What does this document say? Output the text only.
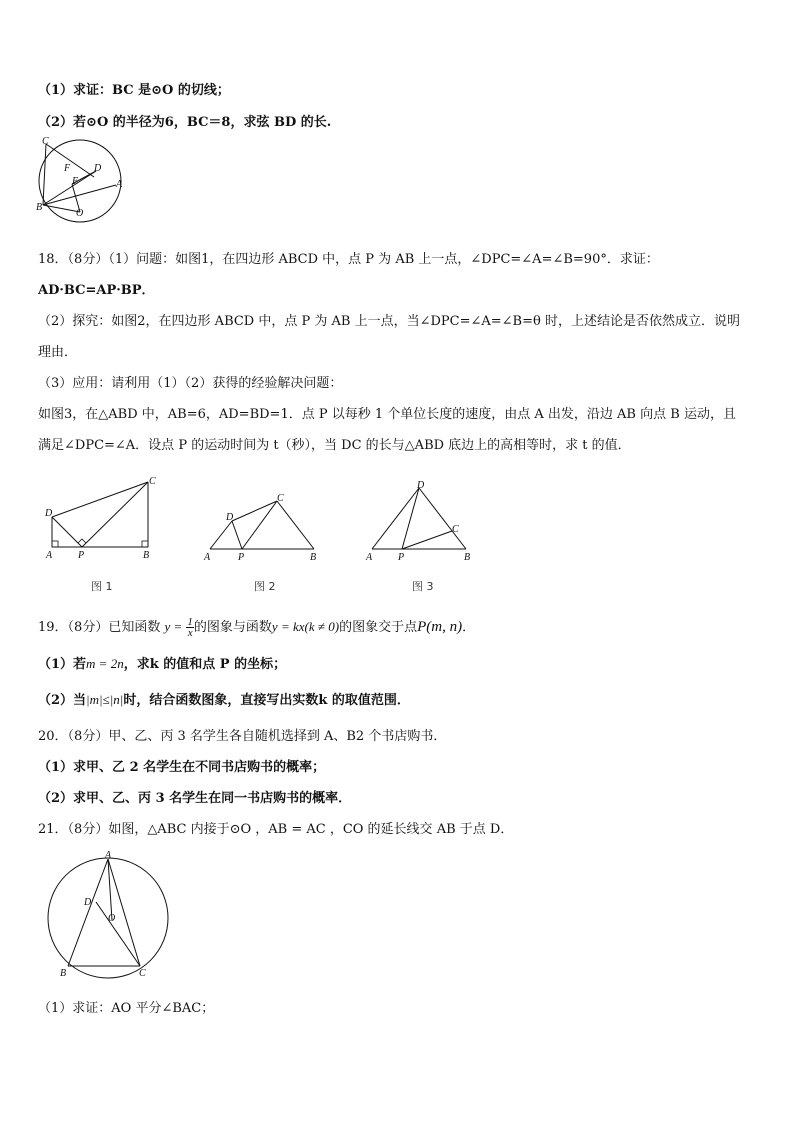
（1）求证：BC 是⊙O 的切线；
（2）若⊙O 的半径为6，BC＝8，求弦 BD 的长.
C
F D
E	A
B
O
18．（8分）（1）问题：如图1，在四边形 ABCD 中，点 P 为 AB 上一点，∠DPC=∠A=∠B=90°．求证：
AD·BC=AP·BP．
（2）探究：如图2，在四边形 ABCD 中，点 P 为 AB 上一点，当∠DPC=∠A=∠B=θ 时，上述结论是否依然成立．说明
理由．
（3）应用：请利用（1）（2）获得的经验解决问题：
如图3，在△ABD 中，AB=6，AD=BD=1．点 P 以每秒 1 个单位长度的速度，由点 A 出发，沿边 AB 向点 B 运动，且
满足∠DPC=∠A．设点 P 的运动时间为 t（秒），当 DC 的长与△ABD 底边上的高相等时，求 t 的值．
D
C
A	P	B
图 1
D
C
A	P	B
图 2
D
C
A	P	B
图 3
19．（8分）已知函数 $y = \frac{1}{x}$ 的图象与函数y = kx(k ≠ 0)的图象交于点P(m, n)．
（1）若m = 2n，求k 的值和点 P 的坐标；
（2）当|m|≤|n|时，结合函数图象，直接写出实数k 的取值范围．
20．（8分）甲、乙、丙 3 名学生各自随机选择到 A、B2 个书店购书．
（1）求甲、乙 2 名学生在不同书店购书的概率；
（2）求甲、乙、丙 3 名学生在同一书店购书的概率．
21．（8分）如图，△ABC 内接于⊙O ，AB = AC ，CO 的延长线交 AB 于点 D．
A
D
O
B	C
（1）求证：AO 平分∠BAC；
